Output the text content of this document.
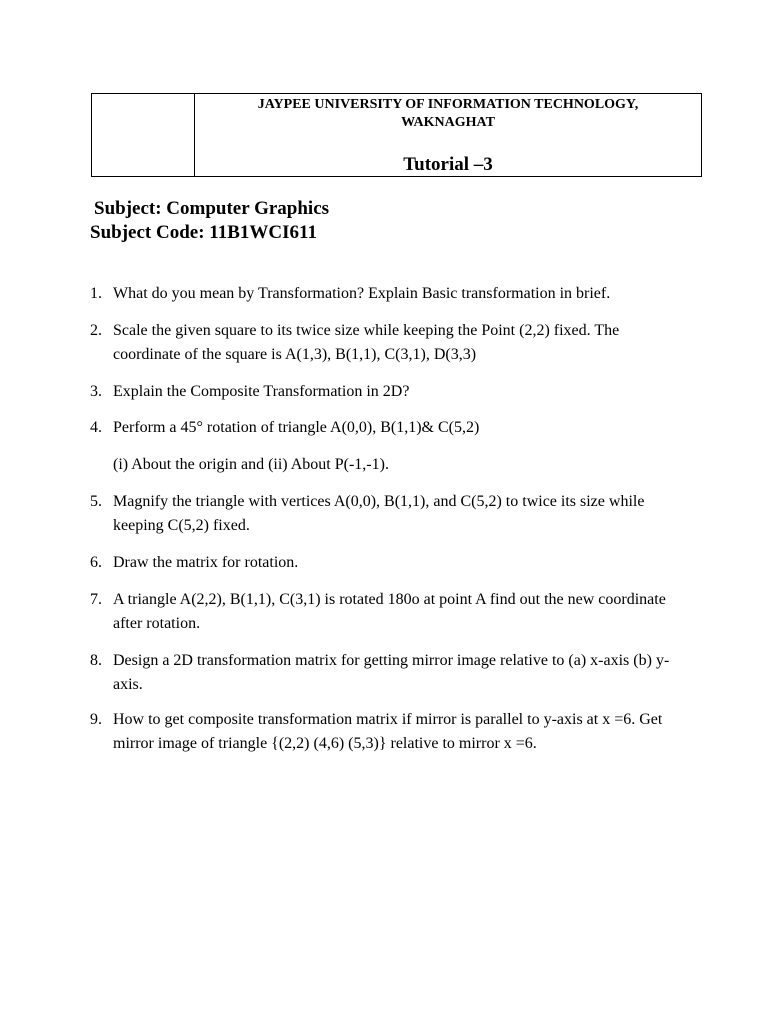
JAYPEE UNIVERSITY OF INFORMATION TECHNOLOGY,
WAKNAGHAT
Tutorial –3
Subject: Computer Graphics
Subject Code: 11B1WCI611
1. What do you mean by Transformation? Explain Basic transformation in brief.
2. Scale the given square to its twice size while keeping the Point (2,2) fixed. The coordinate of the square is A(1,3), B(1,1), C(3,1), D(3,3)
3. Explain the Composite Transformation in 2D?
4. Perform a 45° rotation of triangle A(0,0), B(1,1)& C(5,2)
(i) About the origin and (ii) About P(-1,-1).
5. Magnify the triangle with vertices A(0,0), B(1,1), and C(5,2) to twice its size while keeping C(5,2) fixed.
6. Draw the matrix for rotation.
7. A triangle A(2,2), B(1,1), C(3,1) is rotated 180o at point A find out the new coordinate after rotation.
8. Design a 2D transformation matrix for getting mirror image relative to (a) x-axis (b) y-axis.
9. How to get composite transformation matrix if mirror is parallel to y-axis at x =6. Get mirror image of triangle {(2,2) (4,6) (5,3)} relative to mirror x =6.
